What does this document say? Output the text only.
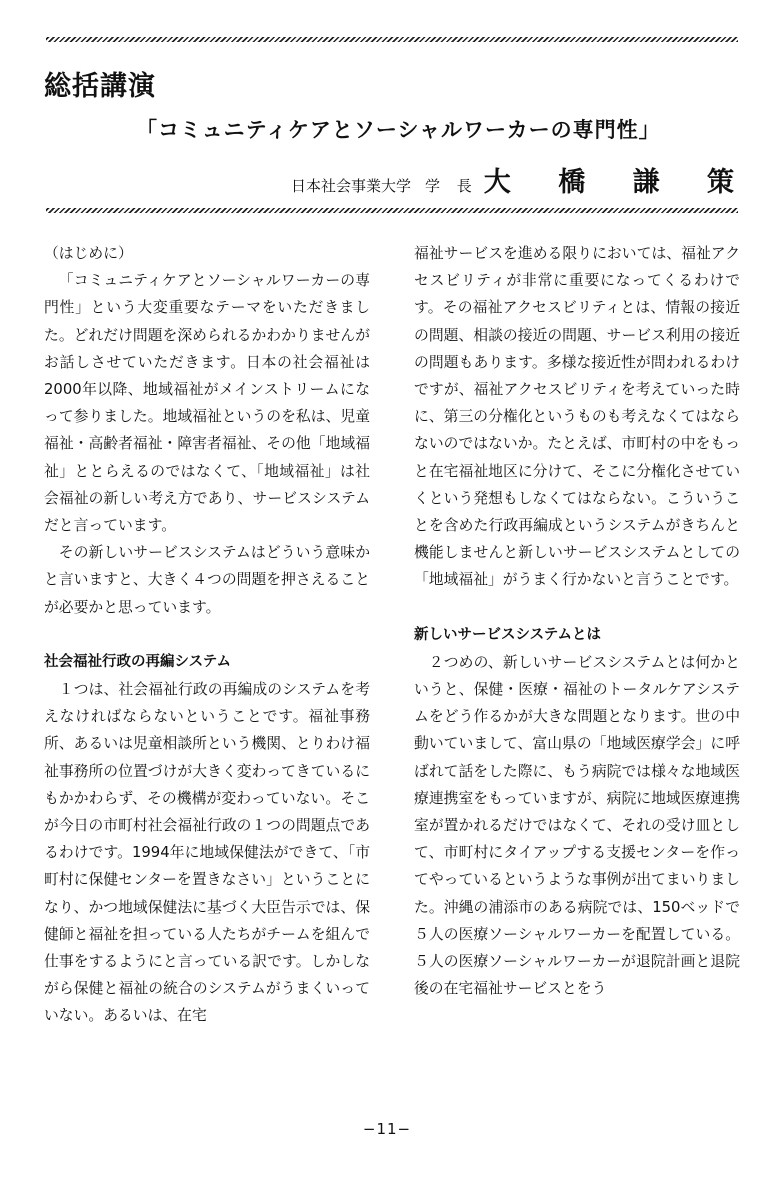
総括講演
「コミュニティケアとソーシャルワーカーの専門性」
日本社会事業大学 学 長 大 橋 謙 策

（はじめに）

「コミュニティケアとソーシャルワーカーの専門性」という大変重要なテーマをいただきました。どれだけ問題を深められるかわかりませんがお話しさせていただきます。日本の社会福祉は2000年以降、地域福祉がメインストリームになって参りました。地域福祉というのを私は、児童福祉・高齢者福祉・障害者福祉、その他「地域福祉」ととらえるのではなくて、「地域福祉」は社会福祉の新しい考え方であり、サービスシステムだと言っています。

その新しいサービスシステムはどういう意味かと言いますと、大きく４つの問題を押さえることが必要かと思っています。

社会福祉行政の再編システム

１つは、社会福祉行政の再編成のシステムを考えなければならないということです。福祉事務所、あるいは児童相談所という機関、とりわけ福祉事務所の位置づけが大きく変わってきているにもかかわらず、その機構が変わっていない。そこが今日の市町村社会福祉行政の１つの問題点であるわけです。1994年に地域保健法ができて、「市町村に保健センターを置きなさい」ということになり、かつ地域保健法に基づく大臣告示では、保健師と福祉を担っている人たちがチームを組んで仕事をするようにと言っている訳です。しかしながら保健と福祉の統合のシステムがうまくいっていない。あるいは、在宅

福祉サービスを進める限りにおいては、福祉アクセスビリティが非常に重要になってくるわけです。その福祉アクセスビリティとは、情報の接近の問題、相談の接近の問題、サービス利用の接近の問題もあります。多様な接近性が問われるわけですが、福祉アクセスビリティを考えていった時に、第三の分権化というものも考えなくてはならないのではないか。たとえば、市町村の中をもっと在宅福祉地区に分けて、そこに分権化させていくという発想もしなくてはならない。こういうことを含めた行政再編成というシステムがきちんと機能しませんと新しいサービスシステムとしての「地域福祉」がうまく行かないと言うことです。

新しいサービスシステムとは

２つめの、新しいサービスシステムとは何かというと、保健・医療・福祉のトータルケアシステムをどう作るかが大きな問題となります。世の中動いていまして、富山県の「地域医療学会」に呼ばれて話をした際に、もう病院では様々な地域医療連携室をもっていますが、病院に地域医療連携室が置かれるだけではなくて、それの受け皿として、市町村にタイアップする支援センターを作ってやっているというような事例が出てまいりました。沖縄の浦添市のある病院では、150ベッドで５人の医療ソーシャルワーカーを配置している。５人の医療ソーシャルワーカーが退院計画と退院後の在宅福祉サービスとをう

−11−
